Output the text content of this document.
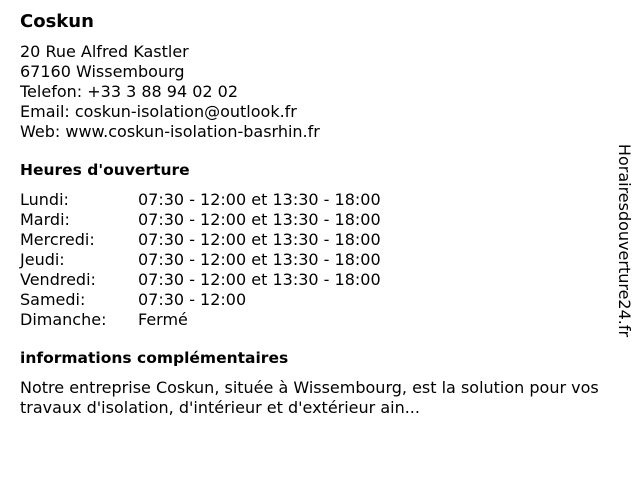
Coskun
20 Rue Alfred Kastler
67160 Wissembourg
Telefon: +33 3 88 94 02 02
Email: coskun-isolation@outlook.fr
Web: www.coskun-isolation-basrhin.fr
Heures d'ouverture
Lundi:	07:30 - 12:00 et 13:30 - 18:00
Mardi:	07:30 - 12:00 et 13:30 - 18:00
Mercredi:	07:30 - 12:00 et 13:30 - 18:00
Jeudi:	07:30 - 12:00 et 13:30 - 18:00
Vendredi:	07:30 - 12:00 et 13:30 - 18:00
Samedi:	07:30 - 12:00
Dimanche:	Fermé
informations complémentaires
Notre entreprise Coskun, située à Wissembourg, est la solution pour vos travaux d'isolation, d'intérieur et d'extérieur ain...
Horairesdouverture24.fr
